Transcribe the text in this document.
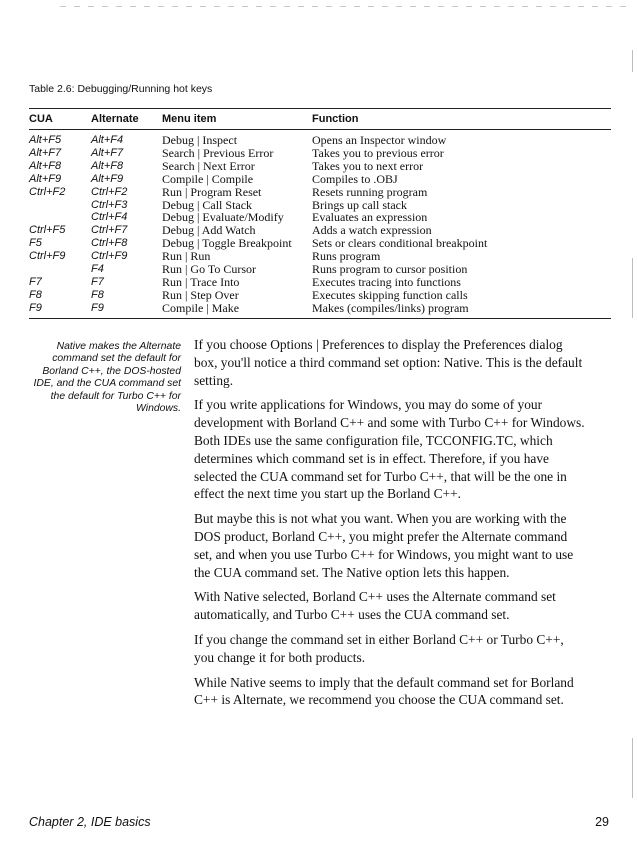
Table 2.6: Debugging/Running hot keys
CUA	Alternate	Menu item	Function
Alt+F5	Alt+F4	Debug | Inspect	Opens an Inspector window
Alt+F7	Alt+F7	Search | Previous Error	Takes you to previous error
Alt+F8	Alt+F8	Search | Next Error	Takes you to next error
Alt+F9	Alt+F9	Compile | Compile	Compiles to .OBJ
Ctrl+F2	Ctrl+F2	Run | Program Reset	Resets running program
	Ctrl+F3	Debug | Call Stack	Brings up call stack
	Ctrl+F4	Debug | Evaluate/Modify	Evaluates an expression
Ctrl+F5	Ctrl+F7	Debug | Add Watch	Adds a watch expression
F5	Ctrl+F8	Debug | Toggle Breakpoint	Sets or clears conditional breakpoint
Ctrl+F9	Ctrl+F9	Run | Run	Runs program
	F4	Run | Go To Cursor	Runs program to cursor position
F7	F7	Run | Trace Into	Executes tracing into functions
F8	F8	Run | Step Over	Executes skipping function calls
F9	F9	Compile | Make	Makes (compiles/links) program
Native makes the Alternate command set the default for Borland C++, the DOS-hosted IDE, and the CUA command set the default for Turbo C++ for Windows.

If you choose Options | Preferences to display the Preferences dialog box, you'll notice a third command set option: Native. This is the default setting.

If you write applications for Windows, you may do some of your development with Borland C++ and some with Turbo C++ for Windows. Both IDEs use the same configuration file, TCCONFIG.TC, which determines which command set is in effect. Therefore, if you have selected the CUA command set for Turbo C++, that will be the one in effect the next time you start up the Borland C++.

But maybe this is not what you want. When you are working with the DOS product, Borland C++, you might prefer the Alternate command set, and when you use Turbo C++ for Windows, you might want to use the CUA command set. The Native option lets this happen.

With Native selected, Borland C++ uses the Alternate command set automatically, and Turbo C++ uses the CUA command set.

If you change the command set in either Borland C++ or Turbo C++, you change it for both products.

While Native seems to imply that the default command set for Borland C++ is Alternate, we recommend you choose the CUA command set.

Chapter 2, IDE basics	29
